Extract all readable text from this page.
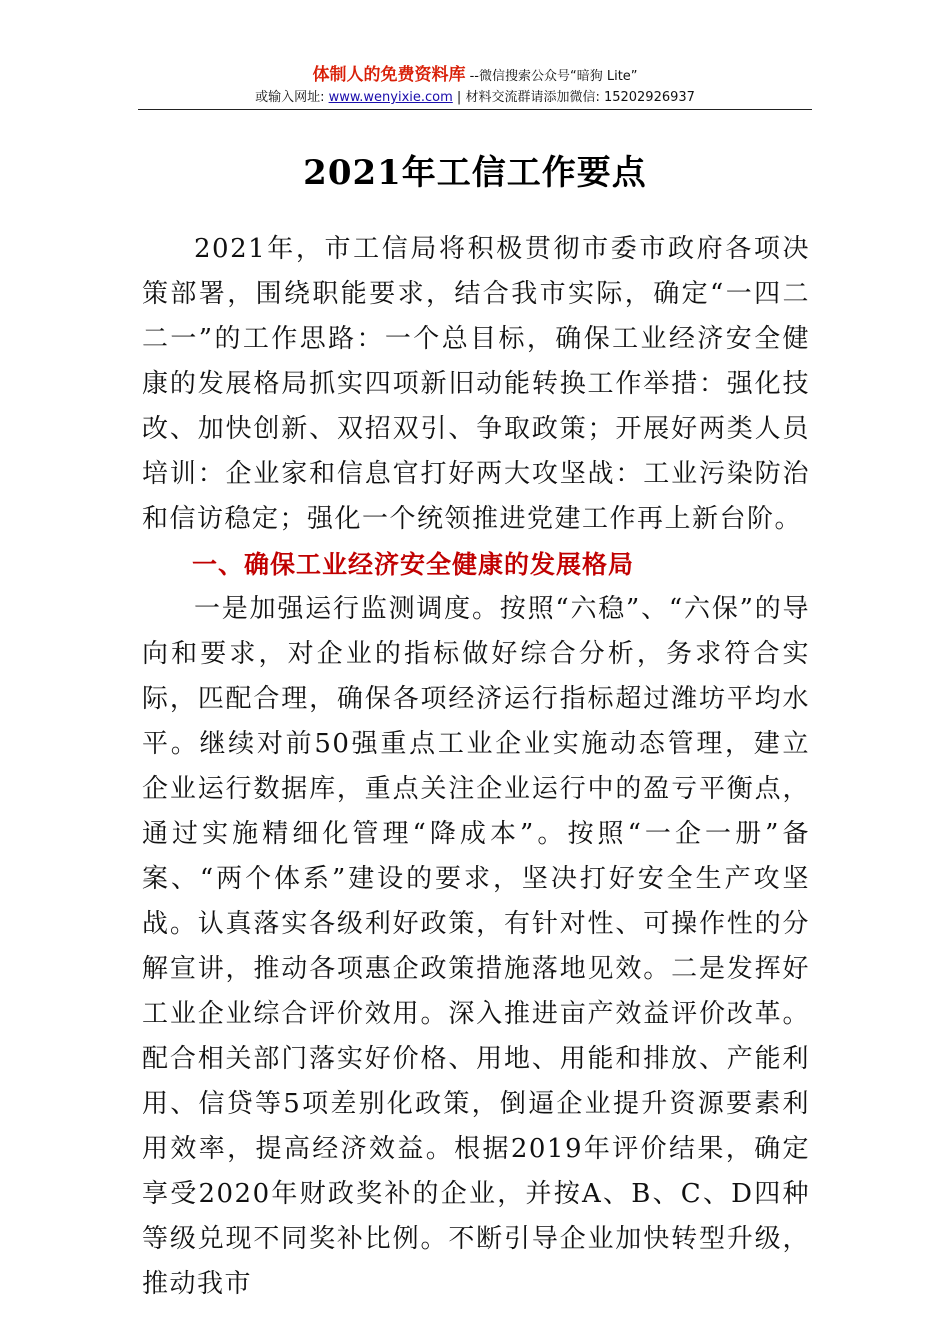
体制人的免费资料库 --微信搜索公众号“暗狗 Lite”
或输入网址: www.wenyixie.com | 材料交流群请添加微信: 15202926937
2021年工信工作要点

2021年，市工信局将积极贯彻市委市政府各项决策部署，围绕职能要求，结合我市实际，确定“一四二二一”的工作思路：一个总目标，确保工业经济安全健康的发展格局抓实四项新旧动能转换工作举措：强化技改、加快创新、双招双引、争取政策；开展好两类人员培训：企业家和信息官打好两大攻坚战：工业污染防治和信访稳定；强化一个统领推进党建工作再上新台阶。

一、确保工业经济安全健康的发展格局

一是加强运行监测调度。按照“六稳”、“六保”的导向和要求，对企业的指标做好综合分析，务求符合实际，匹配合理，确保各项经济运行指标超过潍坊平均水平。继续对前50强重点工业企业实施动态管理，建立企业运行数据库，重点关注企业运行中的盈亏平衡点，通过实施精细化管理“降成本”。按照“一企一册”备案、“两个体系”建设的要求，坚决打好安全生产攻坚战。认真落实各级利好政策，有针对性、可操作性的分解宣讲，推动各项惠企政策措施落地见效。二是发挥好工业企业综合评价效用。深入推进亩产效益评价改革。配合相关部门落实好价格、用地、用能和排放、产能利用、信贷等5项差别化政策，倒逼企业提升资源要素利用效率，提高经济效益。根据2019年评价结果，确定享受2020年财政奖补的企业，并按A、B、C、D四种等级兑现不同奖补比例。不断引导企业加快转型升级，推动我市
